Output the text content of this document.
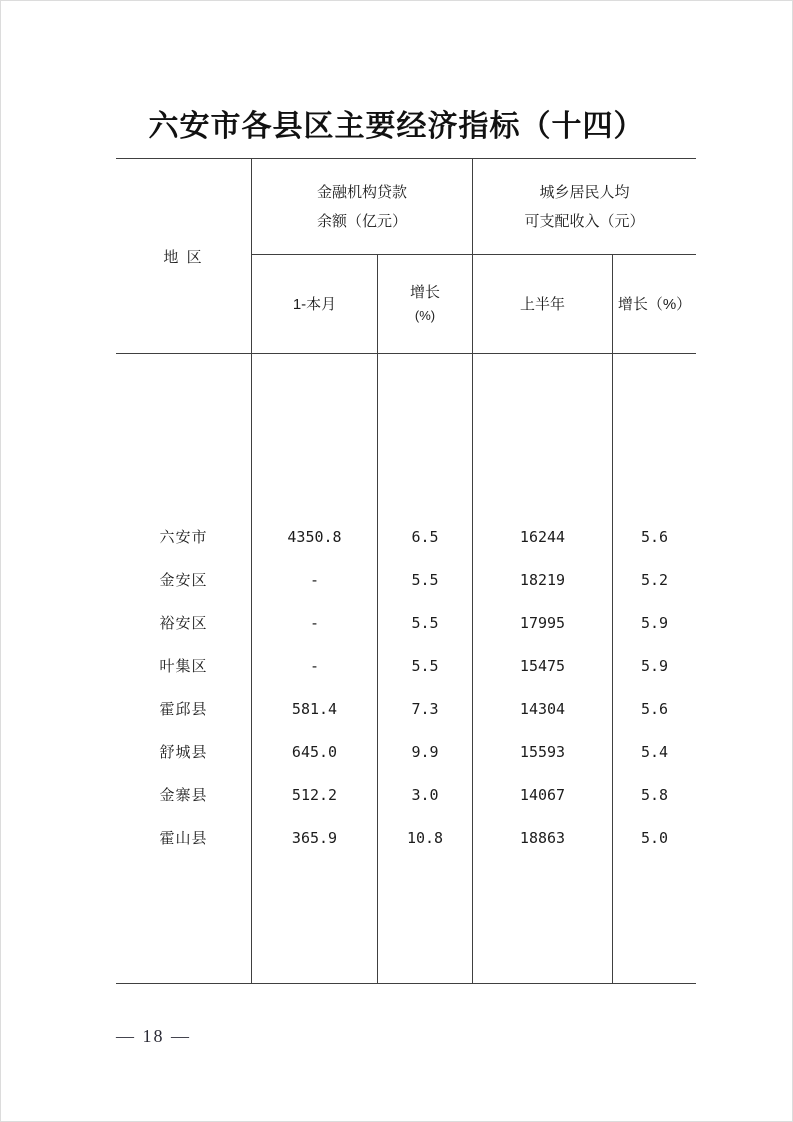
六安市各县区主要经济指标（十四）
地 区
金融机构贷款
余额（亿元）
1-本月
增长
(%)
城乡居民人均
可支配收入（元）
上半年	增长（%）
六安市
金安区
裕安区
叶集区
霍邱县
舒城县
金寨县
霍山县
4350.8
-
-
-
581.4
645.0
512.2
365.9
6.5
5.5
5.5
5.5
7.3
9.9
3.0
10.8
16244
18219
17995
15475
14304
15593
14067
18863
5.6
5.2
5.9
5.9
5.6
5.4
5.8
5.0
— 18 —
